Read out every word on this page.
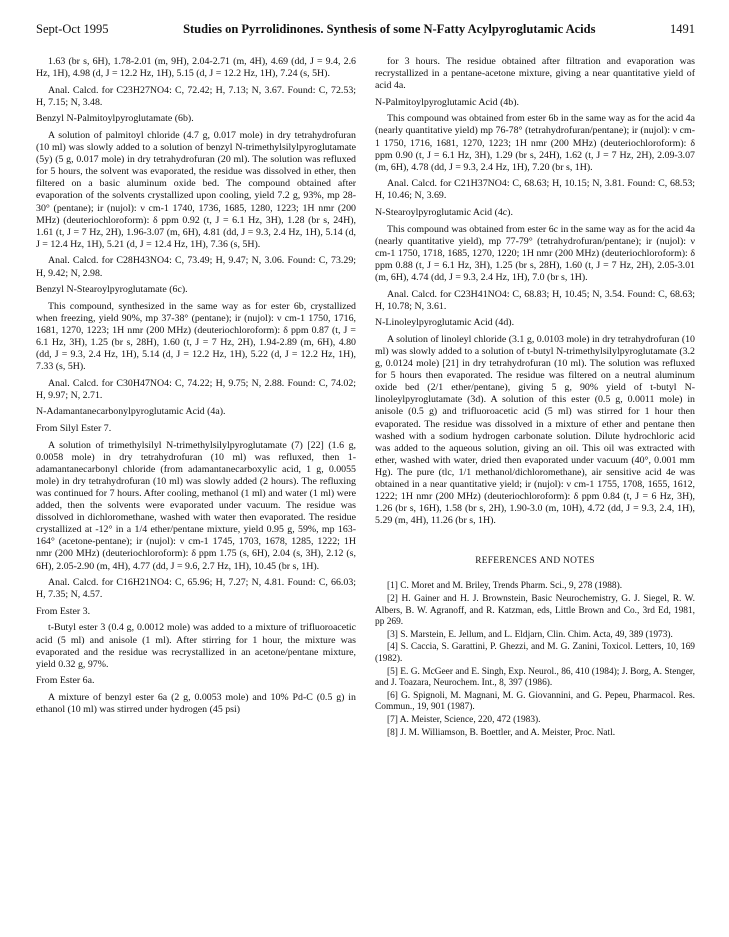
Sept-Oct 1995	Studies on Pyrrolidinones. Synthesis of some N-Fatty Acylpyroglutamic Acids	1491

1.63 (br s, 6H), 1.78-2.01 (m, 9H), 2.04-2.71 (m, 4H), 4.69 (dd, J = 9.4, 2.6 Hz, 1H), 4.98 (d, J = 12.2 Hz, 1H), 5.15 (d, J = 12.2 Hz, 1H), 7.24 (s, 5H).

Anal. Calcd. for C23H27NO4: C, 72.42; H, 7.13; N, 3.67. Found: C, 72.53; H, 7.15; N, 3.48.

Benzyl N-Palmitoylpyroglutamate (6b).

A solution of palmitoyl chloride (4.7 g, 0.017 mole) in dry tetrahydrofuran (10 ml) was slowly added to a solution of benzyl N-trimethylsilylpyroglutamate (5y) (5 g, 0.017 mole) in dry tetrahydrofuran (20 ml). The solution was refluxed for 5 hours, the solvent was evaporated, the residue was dissolved in ether, then filtered on a basic aluminum oxide bed. The compound obtained after evaporation of the solvents crystallized upon cooling, yield 7.2 g, 93%, mp 28-30° (pentane); ir (nujol): ν cm-1 1740, 1736, 1685, 1280, 1223; 1H nmr (200 MHz) (deuteriochloroform): δ ppm 0.92 (t, J = 6.1 Hz, 3H), 1.28 (br s, 24H), 1.61 (t, J = 7 Hz, 2H), 1.96-3.07 (m, 6H), 4.81 (dd, J = 9.3, 2.4 Hz, 1H), 5.14 (d, J = 12.4 Hz, 1H), 5.21 (d, J = 12.4 Hz, 1H), 7.36 (s, 5H).

Anal. Calcd. for C28H43NO4: C, 73.49; H, 9.47; N, 3.06. Found: C, 73.29; H, 9.42; N, 2.98.

Benzyl N-Stearoylpyroglutamate (6c).

This compound, synthesized in the same way as for ester 6b, crystallized when freezing, yield 90%, mp 37-38° (pentane); ir (nujol): ν cm-1 1750, 1716, 1681, 1270, 1223; 1H nmr (200 MHz) (deuteriochloroform): δ ppm 0.87 (t, J = 6.1 Hz, 3H), 1.25 (br s, 28H), 1.60 (t, J = 7 Hz, 2H), 1.94-2.89 (m, 6H), 4.80 (dd, J = 9.3, 2.4 Hz, 1H), 5.14 (d, J = 12.2 Hz, 1H), 5.22 (d, J = 12.2 Hz, 1H), 7.33 (s, 5H).

Anal. Calcd. for C30H47NO4: C, 74.22; H, 9.75; N, 2.88. Found: C, 74.02; H, 9.97; N, 2.71.

N-Adamantanecarbonylpyroglutamic Acid (4a).

From Silyl Ester 7.

A solution of trimethylsilyl N-trimethylsilylpyroglutamate (7) [22] (1.6 g, 0.0058 mole) in dry tetrahydrofuran (10 ml) was refluxed, then 1-adamantanecarbonyl chloride (from adamantanecarboxylic acid, 1 g, 0.0055 mole) in dry tetrahydrofuran (10 ml) was slowly added (2 hours). The refluxing was continued for 7 hours. After cooling, methanol (1 ml) and water (1 ml) were added, then the solvents were evaporated under vacuum. The residue was dissolved in dichloromethane, washed with water then evaporated. The residue crystallized at -12° in a 1/4 ether/pentane mixture, yield 0.95 g, 59%, mp 163-164° (acetone-pentane); ir (nujol): ν cm-1 1745, 1703, 1678, 1285, 1222; 1H nmr (200 MHz) (deuteriochloroform): δ ppm 1.75 (s, 6H), 2.04 (s, 3H), 2.12 (s, 6H), 2.05-2.90 (m, 4H), 4.77 (dd, J = 9.6, 2.7 Hz, 1H), 10.45 (br s, 1H).

Anal. Calcd. for C16H21NO4: C, 65.96; H, 7.27; N, 4.81. Found: C, 66.03; H, 7.35; N, 4.57.

From Ester 3.

t-Butyl ester 3 (0.4 g, 0.0012 mole) was added to a mixture of trifluoroacetic acid (5 ml) and anisole (1 ml). After stirring for 1 hour, the mixture was evaporated and the residue was recrystallized in an acetone/pentane mixture, yield 0.32 g, 97%.

From Ester 6a.

A mixture of benzyl ester 6a (2 g, 0.0053 mole) and 10% Pd-C (0.5 g) in ethanol (10 ml) was stirred under hydrogen (45 psi)

for 3 hours. The residue obtained after filtration and evaporation was recrystallized in a pentane-acetone mixture, giving a near quantitative yield of acid 4a.

N-Palmitoylpyroglutamic Acid (4b).

This compound was obtained from ester 6b in the same way as for the acid 4a (nearly quantitative yield) mp 76-78° (tetrahydrofuran/pentane); ir (nujol): ν cm-1 1750, 1716, 1681, 1270, 1223; 1H nmr (200 MHz) (deuteriochloroform): δ ppm 0.90 (t, J = 6.1 Hz, 3H), 1.29 (br s, 24H), 1.62 (t, J = 7 Hz, 2H), 2.09-3.07 (m, 6H), 4.78 (dd, J = 9.3, 2.4 Hz, 1H), 7.20 (br s, 1H).

Anal. Calcd. for C21H37NO4: C, 68.63; H, 10.15; N, 3.81. Found: C, 68.53; H, 10.46; N, 3.69.

N-Stearoylpyroglutamic Acid (4c).

This compound was obtained from ester 6c in the same way as for the acid 4a (nearly quantitative yield), mp 77-79° (tetrahydrofuran/pentane); ir (nujol): ν cm-1 1750, 1718, 1685, 1270, 1220; 1H nmr (200 MHz) (deuteriochloroform): δ ppm 0.88 (t, J = 6.1 Hz, 3H), 1.25 (br s, 28H), 1.60 (t, J = 7 Hz, 2H), 2.05-3.01 (m, 6H), 4.74 (dd, J = 9.3, 2.4 Hz, 1H), 7.0 (br s, 1H).

Anal. Calcd. for C23H41NO4: C, 68.83; H, 10.45; N, 3.54. Found: C, 68.63; H, 10.78; N, 3.61.

N-Linoleylpyroglutamic Acid (4d).

A solution of linoleyl chloride (3.1 g, 0.0103 mole) in dry tetrahydrofuran (10 ml) was slowly added to a solution of t-butyl N-trimethylsilylpyroglutamate (3.2 g, 0.0124 mole) [21] in dry tetrahydrofuran (10 ml). The solution was refluxed for 5 hours then evaporated. The residue was filtered on a neutral aluminum oxide bed (2/1 ether/pentane), giving 5 g, 90% yield of t-butyl N-linoleylpyroglutamate (3d). A solution of this ester (0.5 g, 0.0011 mole) in anisole (0.5 g) and trifluoroacetic acid (5 ml) was stirred for 1 hour then evaporated. The residue was dissolved in a mixture of ether and pentane then washed with a sodium hydrogen carbonate solution. Dilute hydrochloric acid was added to the aqueous solution, giving an oil. This oil was extracted with ether, washed with water, dried then evaporated under vacuum (40°, 0.001 mm Hg). The pure (tlc, 1/1 methanol/dichloromethane), air sensitive acid 4e was obtained in a near quantitative yield; ir (nujol): ν cm-1 1755, 1708, 1655, 1612, 1222; 1H nmr (200 MHz) (deuteriochloroform): δ ppm 0.84 (t, J = 6 Hz, 3H), 1.26 (br s, 16H), 1.58 (br s, 2H), 1.90-3.0 (m, 10H), 4.72 (dd, J = 9.3, 2.4, 1H), 5.29 (m, 4H), 11.26 (br s, 1H).

REFERENCES AND NOTES

[1] C. Moret and M. Briley, Trends Pharm. Sci., 9, 278 (1988).

[2] H. Gainer and H. J. Brownstein, Basic Neurochemistry, G. J. Siegel, R. W. Albers, B. W. Agranoff, and R. Katzman, eds, Little Brown and Co., 3rd Ed, 1981, pp 269.

[3] S. Marstein, E. Jellum, and L. Eldjarn, Clin. Chim. Acta, 49, 389 (1973).

[4] S. Caccia, S. Garattini, P. Ghezzi, and M. G. Zanini, Toxicol. Letters, 10, 169 (1982).

[5] E. G. McGeer and E. Singh, Exp. Neurol., 86, 410 (1984); J. Borg, A. Stenger, and J. Toazara, Neurochem. Int., 8, 397 (1986).

[6] G. Spignoli, M. Magnani, M. G. Giovannini, and G. Pepeu, Pharmacol. Res. Commun., 19, 901 (1987).

[7] A. Meister, Science, 220, 472 (1983).

[8] J. M. Williamson, B. Boettler, and A. Meister, Proc. Natl.
